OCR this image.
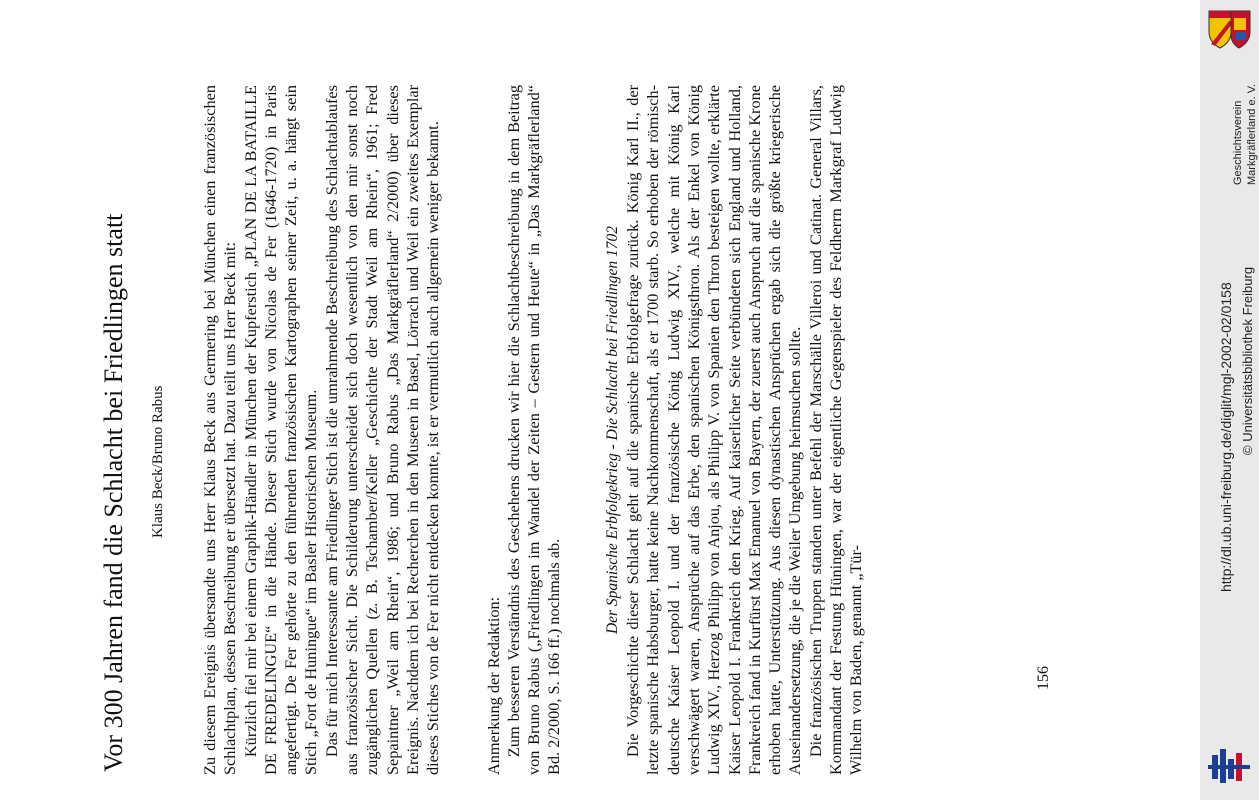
Vor 300 Jahren fand die Schlacht bei Friedlingen statt Klaus Beck/Bruno Rabus Zu diesem Ereignis übersandte uns Herr Klaus Beck aus Germering bei München einen französischen Schlachtplan, dessen Beschreibung er übersetzt hat. Dazu teilt uns Herr Beck mit: Kürzlich fiel mir bei einem Graphik-Händler in München der Kupferstich „PLAN DE LA BATAILLE DE FREDELINGUE“ in die Hände. Dieser Stich wurde von Nicolas de Fer (1646-1720) in Paris angefertigt. De Fer gehörte zu den führenden französischen Kartographen seiner Zeit, u. a. hängt sein Stich „Fort de Huningue“ im Basler Historischen Museum. Das für mich Interessante am Friedlinger Stich ist die umrahmende Beschreibung des Schlachtablaufes aus französischer Sicht. Die Schilderung unterscheidet sich doch wesentlich von den mir sonst noch zugänglichen Quellen (z. B. Tschamber/Keller „Geschichte der Stadt Weil am Rhein“, 1961; Fred Sepaintner „Weil am Rhein“, 1986; und Bruno Rabus „Das Markgräflerland“ 2/2000) über dieses Ereignis. Nachdem ich bei Recherchen in den Museen in Basel, Lörrach und Weil ein zweites Exemplar dieses Stiches von de Fer nicht entdecken konnte, ist er vermutlich auch allgemein weniger bekannt.	Anmerkung der Redaktion: Zum besseren Verständnis des Geschehens drucken wir hier die Schlachtbeschreibung in dem Beitrag von Bruno Rabus („Friedlingen im Wandel der Zeiten – Gestern und Heute“ in „Das Markgräflerland“ Bd. 2/2000, S. 166 ff.) nochmals ab.

Der Spanische Erbfolgekrieg - Die Schlacht bei Friedlingen 1702 Die Vorgeschichte dieser Schlacht geht auf die spanische Erbfolgefrage zurück. König Karl II., der letzte spanische Habsburger, hatte keine Nachkommenschaft, als er 1700 starb. So erhoben der römisch-deutsche Kaiser Leopold I. und der französische König Ludwig XIV., welche mit König Karl verschwägert waren, Ansprüche auf das Erbe, den spanischen Königsthron. Als der Enkel von König Ludwig XIV., Herzog Philipp von Anjou, als Philipp V. von Spanien den Thron besteigen wollte, erklärte Kaiser Leopold I. Frankreich den Krieg. Auf kaiserlicher Seite verbündeten sich England und Holland, Frankreich fand in Kurfürst Max Emanuel von Bayern, der zuerst auch Anspruch auf die spanische Krone erhoben hatte, Unterstützung. Aus diesen dynastischen Ansprüchen ergab sich die größte kriegerische Auseinandersetzung, die je die Weiler Umgebung heimsuchen sollte. Die französischen Truppen standen unter Befehl der Marschälle Villeroi und Catinat. General Villars, Kommandant der Festung Hüningen, war der eigentliche Gegenspieler des Feldherrn Markgraf Ludwig Wilhelm von Baden, genannt „Tür-	156
Geschichtsverein Markgräflerland e. V.
http://dl.ub.uni-freiburg.de/diglit/mgl-2002-02/0158 © Universitätsbibliothek Freiburg
